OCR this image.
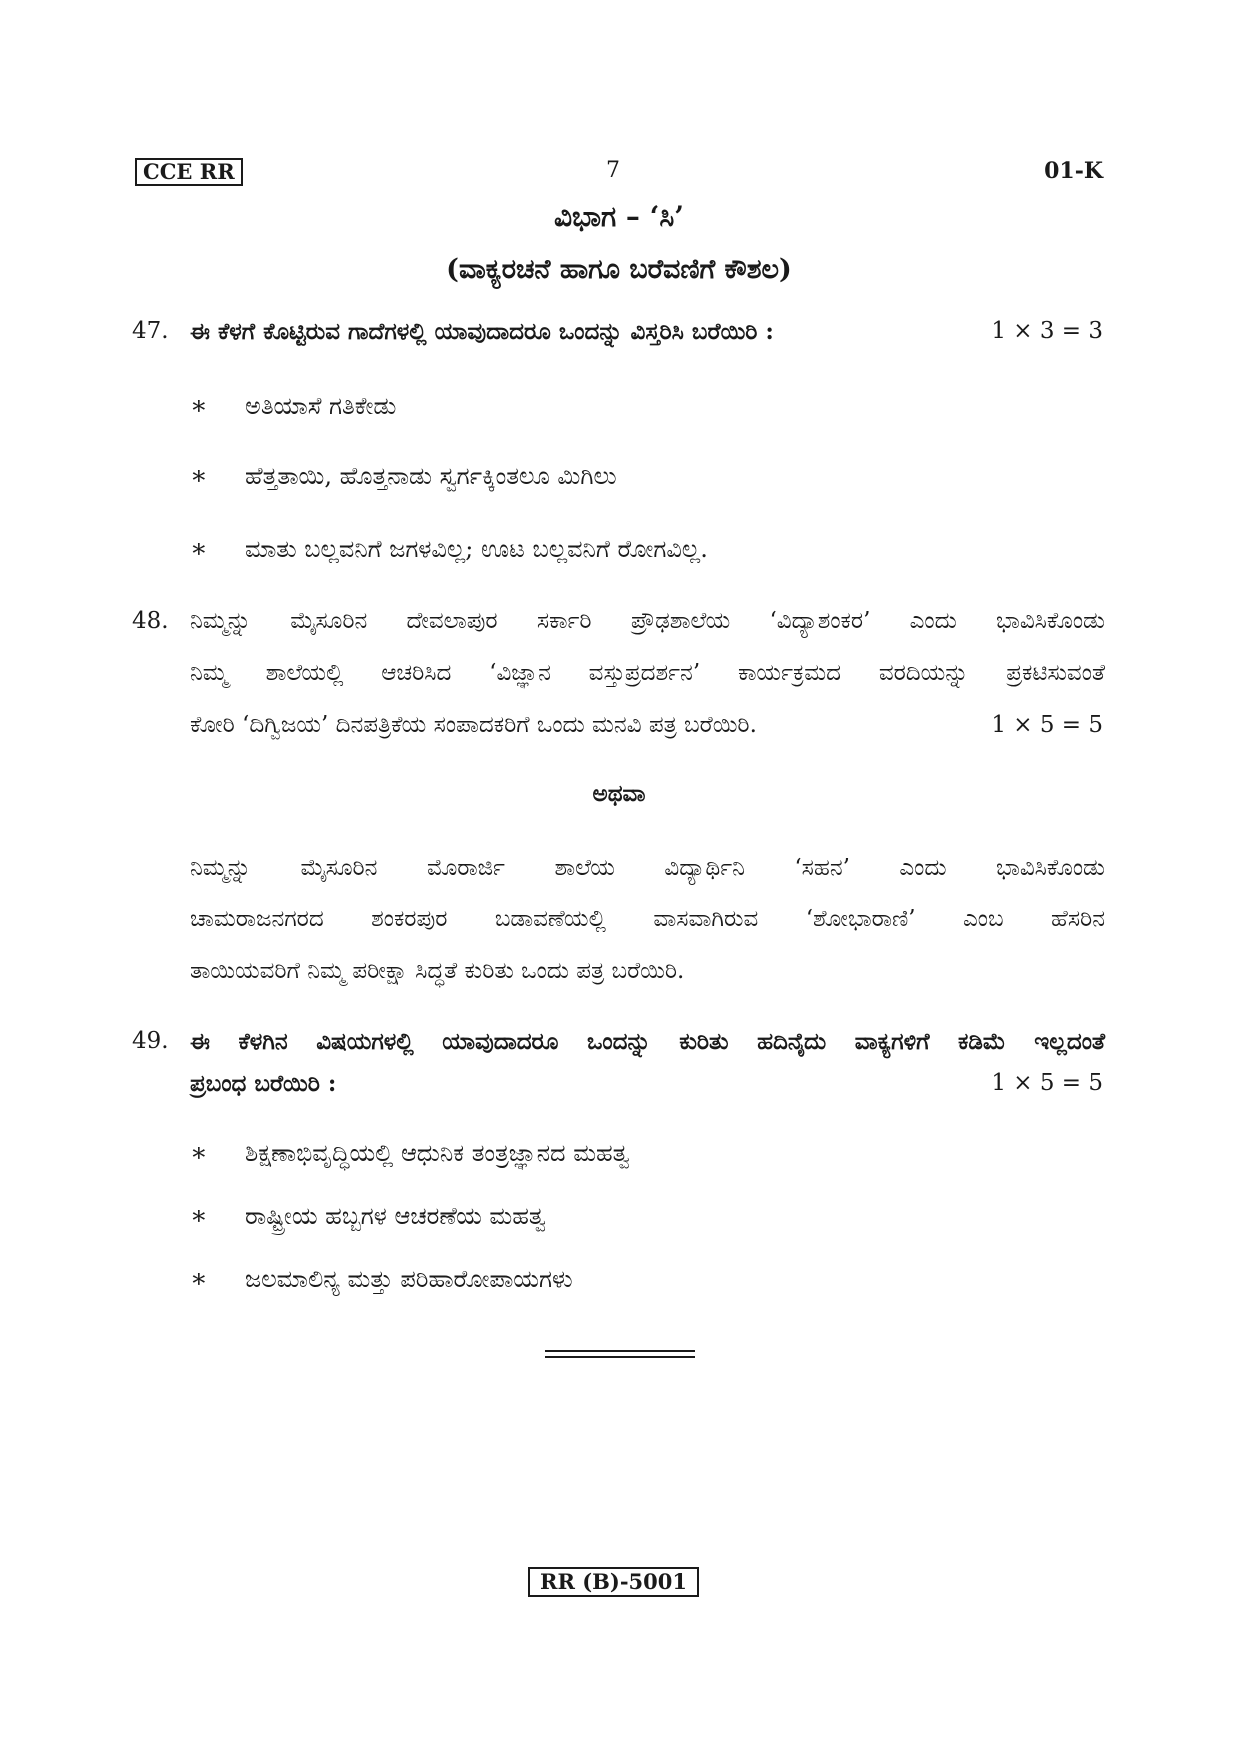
CCE RR	7	01-K
ವಿಭಾಗ – ‘ಸಿ’
(ವಾಕ್ಯರಚನೆ ಹಾಗೂ ಬರೆವಣಿಗೆ ಕೌಶಲ)
47. ಈ ಕೆಳಗೆ ಕೊಟ್ಟಿರುವ ಗಾದೆಗಳಲ್ಲಿ ಯಾವುದಾದರೂ ಒಂದನ್ನು ವಿಸ್ತರಿಸಿ ಬರೆಯಿರಿ :	1 × 3 = 3
∗ ಅತಿಯಾಸೆ ಗತಿಕೇಡು
∗ ಹೆತ್ತತಾಯಿ, ಹೊತ್ತನಾಡು ಸ್ವರ್ಗಕ್ಕಿಂತಲೂ ಮಿಗಿಲು
∗ ಮಾತು ಬಲ್ಲವನಿಗೆ ಜಗಳವಿಲ್ಲ; ಊಟ ಬಲ್ಲವನಿಗೆ ರೋಗವಿಲ್ಲ.
48. ನಿಮ್ಮನ್ನು ಮೈಸೂರಿನ ದೇವಲಾಪುರ ಸರ್ಕಾರಿ ಪ್ರೌಢಶಾಲೆಯ ‘ವಿದ್ಯಾಶಂಕರ’ ಎಂದು ಭಾವಿಸಿಕೊಂಡು
ನಿಮ್ಮ ಶಾಲೆಯಲ್ಲಿ ಆಚರಿಸಿದ ‘ವಿಜ್ಞಾನ ವಸ್ತುಪ್ರದರ್ಶನ’ ಕಾರ್ಯಕ್ರಮದ ವರದಿಯನ್ನು ಪ್ರಕಟಿಸುವಂತೆ
ಕೋರಿ ‘ದಿಗ್ವಿಜಯ’ ದಿನಪತ್ರಿಕೆಯ ಸಂಪಾದಕರಿಗೆ ಒಂದು ಮನವಿ ಪತ್ರ ಬರೆಯಿರಿ.	1 × 5 = 5
ಅಥವಾ
ನಿಮ್ಮನ್ನು ಮೈಸೂರಿನ ಮೊರಾರ್ಜಿ ಶಾಲೆಯ ವಿದ್ಯಾರ್ಥಿನಿ ‘ಸಹನ’ ಎಂದು ಭಾವಿಸಿಕೊಂಡು
ಚಾಮರಾಜನಗರದ ಶಂಕರಪುರ ಬಡಾವಣೆಯಲ್ಲಿ ವಾಸವಾಗಿರುವ ‘ಶೋಭಾರಾಣಿ’ ಎಂಬ ಹೆಸರಿನ
ತಾಯಿಯವರಿಗೆ ನಿಮ್ಮ ಪರೀಕ್ಷಾ ಸಿದ್ಧತೆ ಕುರಿತು ಒಂದು ಪತ್ರ ಬರೆಯಿರಿ.
49. ಈ ಕೆಳಗಿನ ವಿಷಯಗಳಲ್ಲಿ ಯಾವುದಾದರೂ ಒಂದನ್ನು ಕುರಿತು ಹದಿನೈದು ವಾಕ್ಯಗಳಿಗೆ ಕಡಿಮೆ ಇಲ್ಲದಂತೆ
ಪ್ರಬಂಧ ಬರೆಯಿರಿ :	1 × 5 = 5
∗ ಶಿಕ್ಷಣಾಭಿವೃದ್ಧಿಯಲ್ಲಿ ಆಧುನಿಕ ತಂತ್ರಜ್ಞಾನದ ಮಹತ್ವ
∗ ರಾಷ್ಟ್ರೀಯ ಹಬ್ಬಗಳ ಆಚರಣೆಯ ಮಹತ್ವ
∗ ಜಲಮಾಲಿನ್ಯ ಮತ್ತು ಪರಿಹಾರೋಪಾಯಗಳು
RR (B)-5001
